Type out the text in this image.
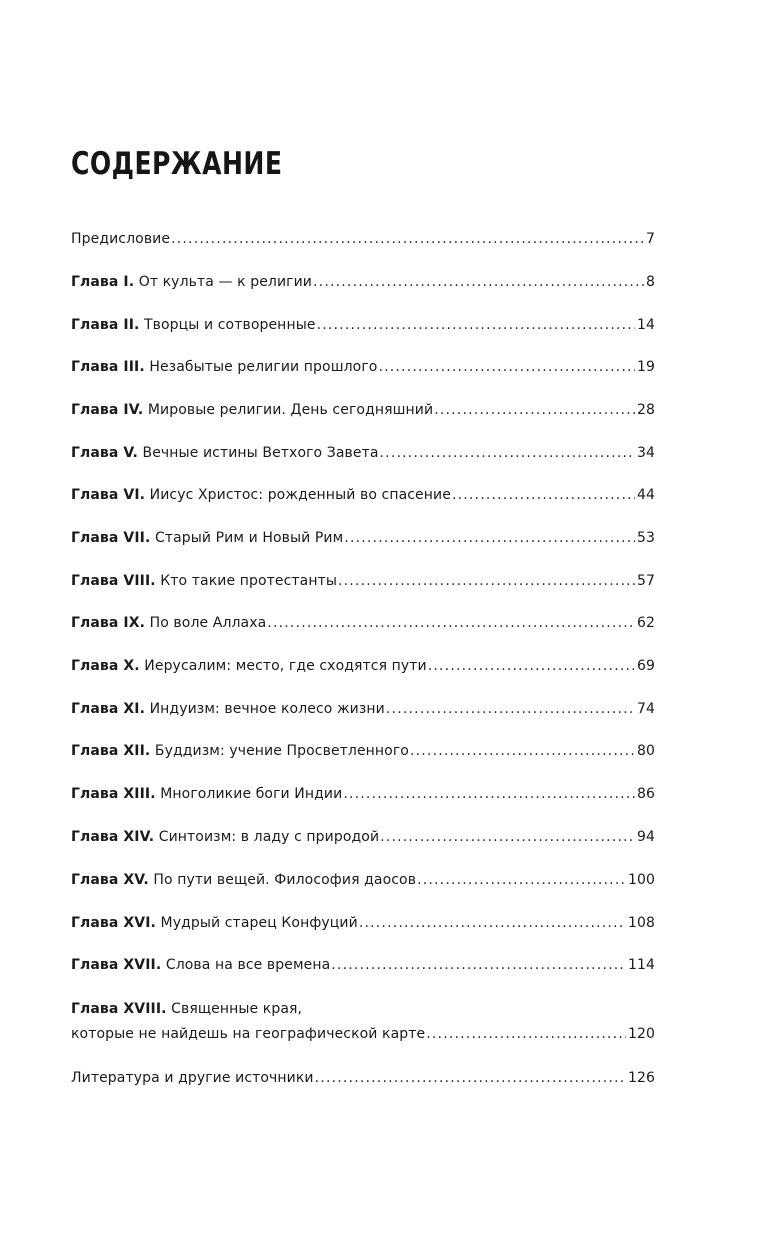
СОДЕРЖАНИЕ
Предисловие .....	7
Глава I. От культа — к религии .....	8
Глава II. Творцы и сотворенные .....	14
Глава III. Незабытые религии прошлого .....	19
Глава IV. Мировые религии. День сегодняшний .....	28
Глава V. Вечные истины Ветхого Завета .....	34
Глава VI. Иисус Христос: рожденный во спасение .....	44
Глава VII. Старый Рим и Новый Рим .....	53
Глава VIII. Кто такие протестанты .....	57
Глава IX. По воле Аллаха .....	62
Глава X. Иерусалим: место, где сходятся пути .....	69
Глава XI. Индуизм: вечное колесо жизни .....	74
Глава XII. Буддизм: учение Просветленного .....	80
Глава XIII. Многоликие боги Индии .....	86
Глава XIV. Синтоизм: в ладу с природой .....	94
Глава XV. По пути вещей. Философия даосов .....	100
Глава XVI. Мудрый старец Конфуций .....	108
Глава XVII. Слова на все времена .....	114
Глава XVIII. Священные края,
которые не найдешь на географической карте .....	120
Литература и другие источники .....	126
